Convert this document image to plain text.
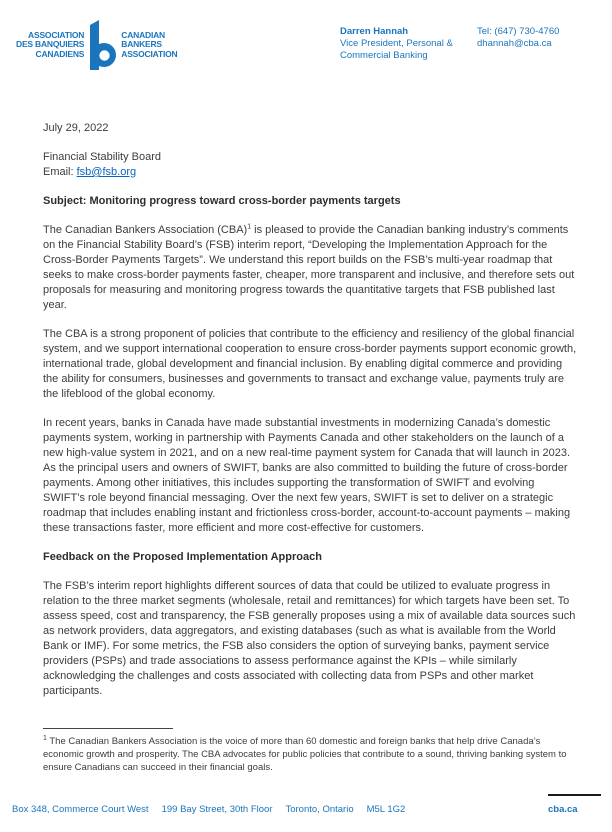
ASSOCIATION
DES BANQUIERS
CANADIENS
CANADIAN
BANKERS
ASSOCIATION
Darren Hannah
Vice President, Personal &
Commercial Banking
Tel: (647) 730-4760
dhannah@cba.ca
July 29, 2022
Financial Stability Board
Email: fsb@fsb.org
Subject: Monitoring progress toward cross-border payments targets

The Canadian Bankers Association (CBA)$^1$ is pleased to provide the Canadian banking industry’s comments on the Financial Stability Board’s (FSB) interim report, “Developing the Implementation Approach for the Cross-Border Payments Targets”. We understand this report builds on the FSB’s multi-year roadmap that seeks to make cross-border payments faster, cheaper, more transparent and inclusive, and therefore sets out proposals for measuring and monitoring progress towards the quantitative targets that FSB published last year.

The CBA is a strong proponent of policies that contribute to the efficiency and resiliency of the global financial system, and we support international cooperation to ensure cross-border payments support economic growth, international trade, global development and financial inclusion. By enabling digital commerce and providing the ability for consumers, businesses and governments to transact and exchange value, payments truly are the lifeblood of the global economy.

In recent years, banks in Canada have made substantial investments in modernizing Canada’s domestic payments system, working in partnership with Payments Canada and other stakeholders on the launch of a new high-value system in 2021, and on a new real-time payment system for Canada that will launch in 2023. As the principal users and owners of SWIFT, banks are also committed to building the future of cross-border payments. Among other initiatives, this includes supporting the transformation of SWIFT and evolving SWIFT’s role beyond financial messaging. Over the next few years, SWIFT is set to deliver on a strategic roadmap that includes enabling instant and frictionless cross-border, account-to-account payments – making these transactions faster, more efficient and more cost-effective for customers.

Feedback on the Proposed Implementation Approach

The FSB’s interim report highlights different sources of data that could be utilized to evaluate progress in relation to the three market segments (wholesale, retail and remittances) for which targets have been set. To assess speed, cost and transparency, the FSB generally proposes using a mix of available data sources such as network providers, data aggregators, and existing databases (such as what is available from the World Bank or IMF). For some metrics, the FSB also considers the option of surveying banks, payment service providers (PSPs) and trade associations to assess performance against the KPIs – while similarly acknowledging the challenges and costs associated with collecting data from PSPs and other market participants.

$^1$ The Canadian Bankers Association is the voice of more than 60 domestic and foreign banks that help drive Canada’s economic growth and prosperity. The CBA advocates for public policies that contribute to a sound, thriving banking system to ensure Canadians can succeed in their financial goals.

Box 348, Commerce Court West 199 Bay Street, 30th Floor Toronto, Ontario M5L 1G2	cba.ca
